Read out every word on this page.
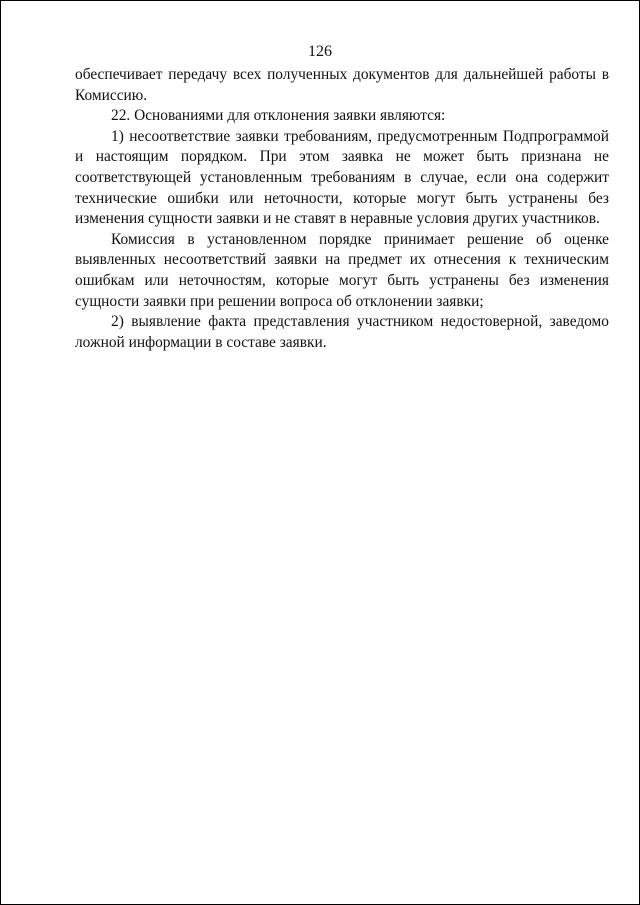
126

обеспечивает передачу всех полученных документов для дальнейшей работы в Комиссию.

22. Основаниями для отклонения заявки являются:

1) несоответствие заявки требованиям, предусмотренным Подпрограммой и настоящим порядком. При этом заявка не может быть признана не соответствующей установленным требованиям в случае, если она содержит технические ошибки или неточности, которые могут быть устранены без изменения сущности заявки и не ставят в неравные условия других участников.

Комиссия в установленном порядке принимает решение об оценке выявленных несоответствий заявки на предмет их отнесения к техническим ошибкам или неточностям, которые могут быть устранены без изменения сущности заявки при решении вопроса об отклонении заявки;

2) выявление факта представления участником недостоверной, заведомо ложной информации в составе заявки.
